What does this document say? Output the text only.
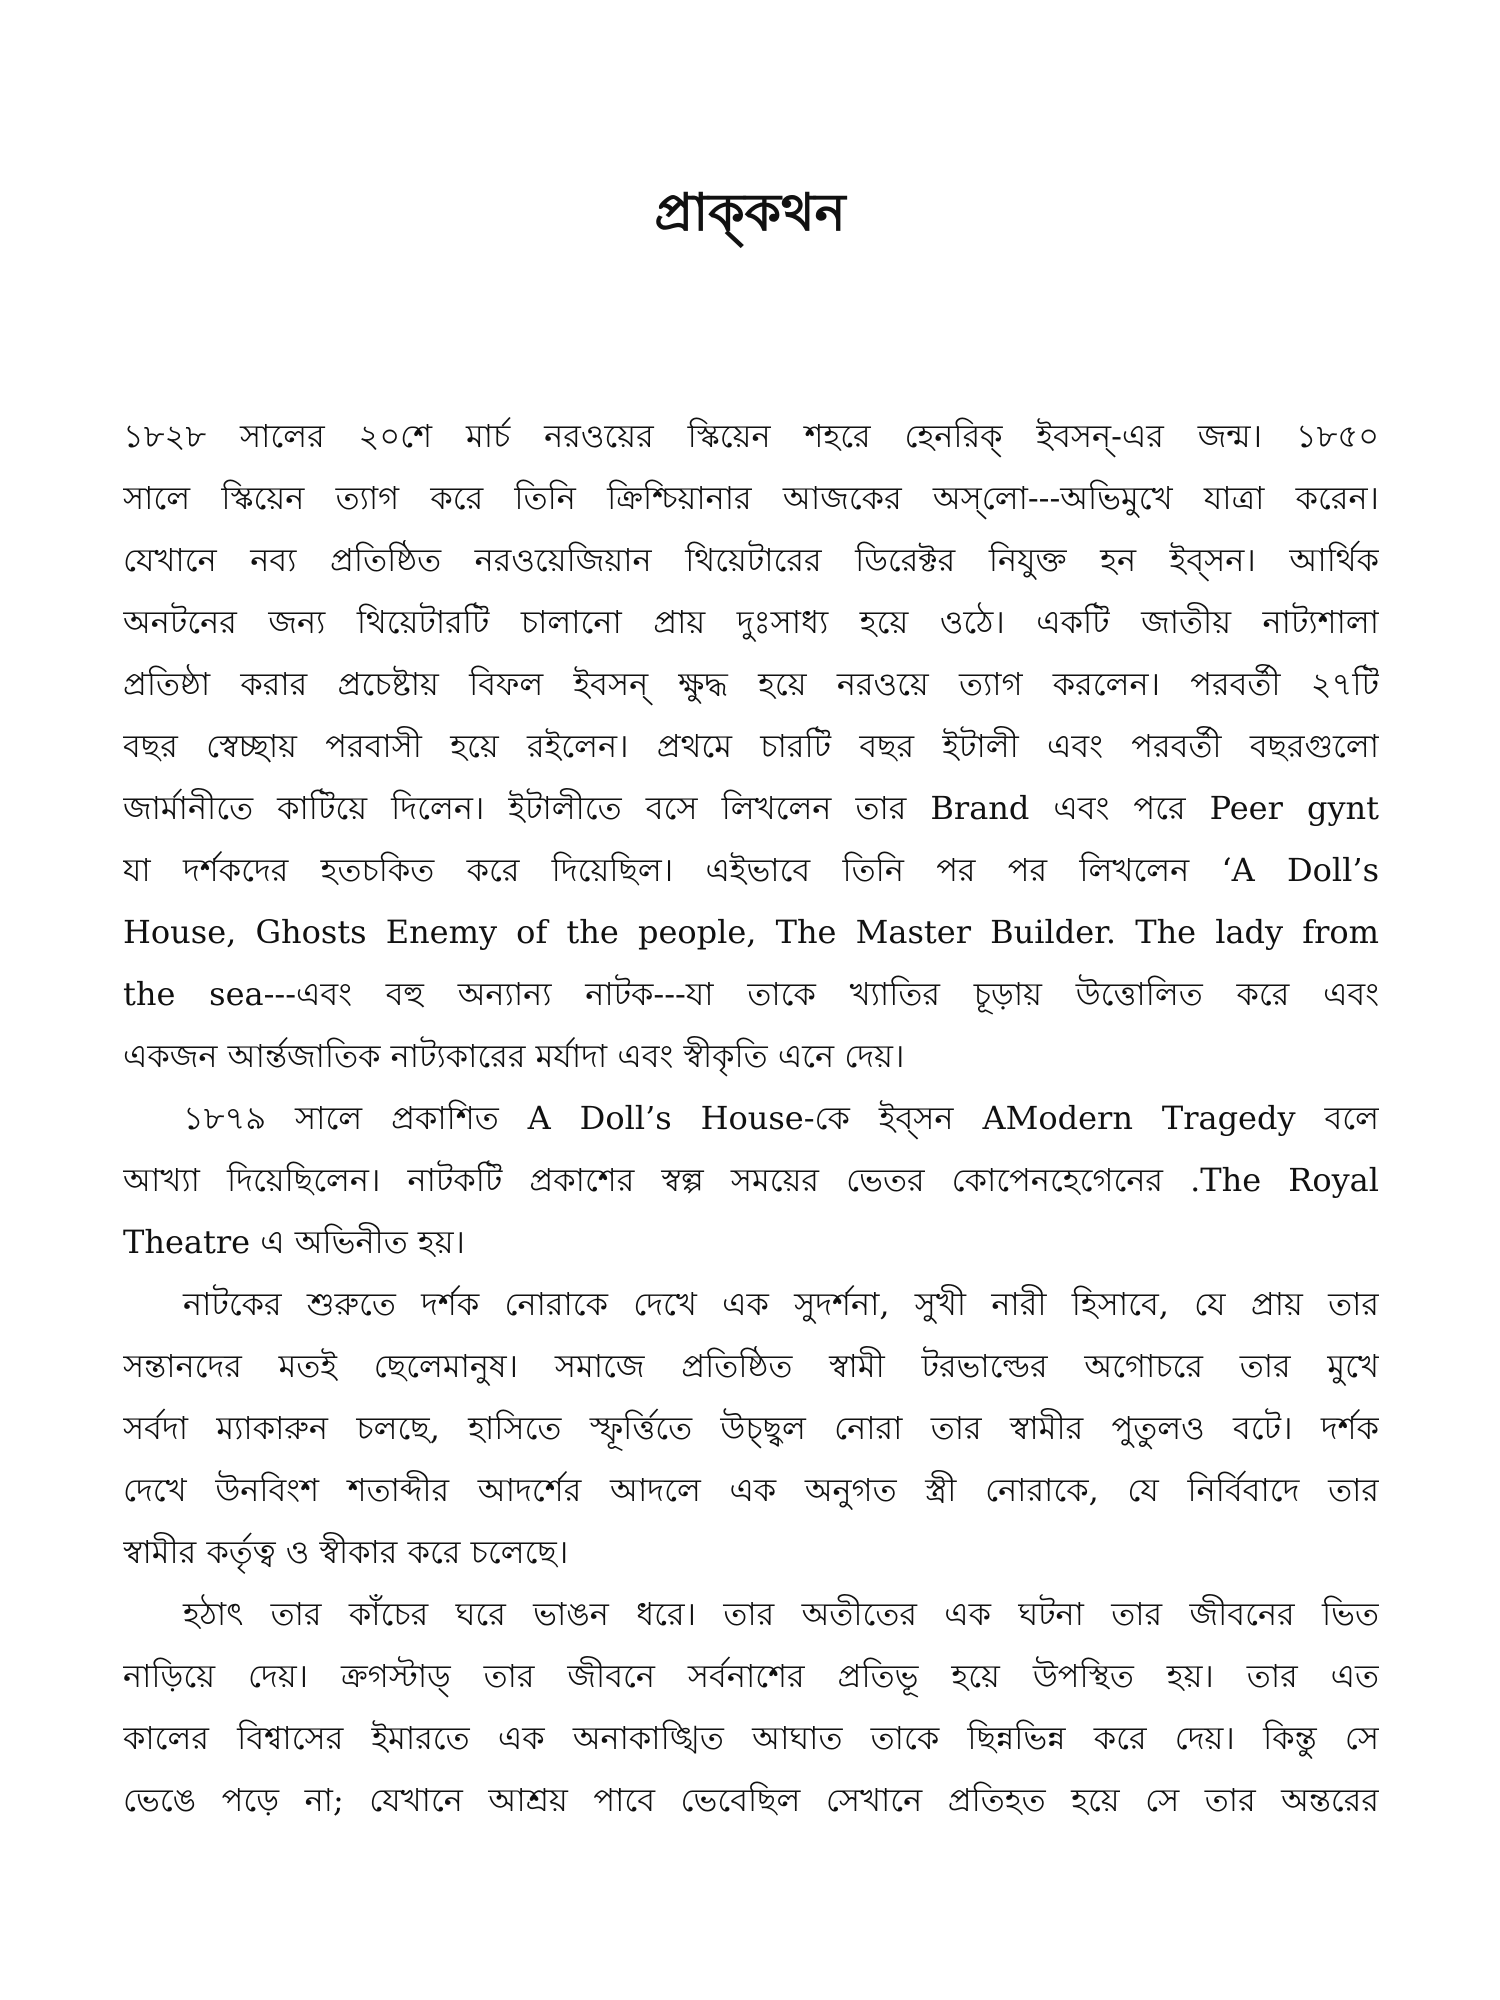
প্রাক্‌কথন
১৮২৮ সালের ২০শে মার্চ নরওয়ের স্কিয়েন শহরে হেনরিক্‌ ইবসন্‌-এর জন্ম। ১৮৫০
সালে স্কিয়েন ত্যাগ করে তিনি ক্রিশ্চিয়ানার আজকের অস্‌লো---অভিমুখে যাত্রা করেন।
যেখানে নব্য প্রতিষ্ঠিত নরওয়েজিয়ান থিয়েটারের ডিরেক্টর নিযুক্ত হন ইব্‌সন। আর্থিক
অনটনের জন্য থিয়েটারটি চালানো প্রায় দুঃসাধ্য হয়ে ওঠে। একটি জাতীয় নাট্যশালা
প্রতিষ্ঠা করার প্রচেষ্টায় বিফল ইবসন্‌ ক্ষুদ্ধ হয়ে নরওয়ে ত্যাগ করলেন। পরবর্তী ২৭টি
বছর স্বেচ্ছায় পরবাসী হয়ে রইলেন। প্রথমে চারটি বছর ইটালী এবং পরবর্তী বছরগুলো
জার্মানীতে কাটিয়ে দিলেন। ইটালীতে বসে লিখলেন তার Brand এবং পরে Peer gynt
যা দর্শকদের হতচকিত করে দিয়েছিল। এইভাবে তিনি পর পর লিখলেন ‘A Doll’s
House, Ghosts Enemy of the people, The Master Builder. The lady from
the sea---এবং বহু অন্যান্য নাটক---যা তাকে খ্যাতির চূড়ায় উত্তোলিত করে এবং
একজন আর্ন্তজাতিক নাট্যকারের মর্যাদা এবং স্বীকৃতি এনে দেয়।
১৮৭৯ সালে প্রকাশিত A Doll’s House-কে ইব্‌সন AModern Tragedy বলে
আখ্যা দিয়েছিলেন। নাটকটি প্রকাশের স্বল্প সময়ের ভেতর কোপেনহেগেনের .The Royal
Theatre এ অভিনীত হয়।
নাটকের শুরুতে দর্শক নোরাকে দেখে এক সুদর্শনা, সুখী নারী হিসাবে, যে প্রায় তার
সন্তানদের মতই ছেলেমানুষ। সমাজে প্রতিষ্ঠিত স্বামী টরভাল্ডের অগোচরে তার মুখে
সর্বদা ম্যাকারুন চলছে, হাসিতে স্ফূর্ত্তিতে উচ্ছ্বল নোরা তার স্বামীর পুতুলও বটে। দর্শক
দেখে উনবিংশ শতাব্দীর আদর্শের আদলে এক অনুগত স্ত্রী নোরাকে, যে নির্বিবাদে তার
স্বামীর কর্তৃত্ব ও স্বীকার করে চলেছে।
হঠাৎ তার কাঁচের ঘরে ভাঙন ধরে। তার অতীতের এক ঘটনা তার জীবনের ভিত
নাড়িয়ে দেয়। ক্রগস্টাড্‌ তার জীবনে সর্বনাশের প্রতিভূ হয়ে উপস্থিত হয়। তার এত
কালের বিশ্বাসের ইমারতে এক অনাকাঙ্খিত আঘাত তাকে ছিন্নভিন্ন করে দেয়। কিন্তু সে
ভেঙে পড়ে না; যেখানে আশ্রয় পাবে ভেবেছিল সেখানে প্রতিহত হয়ে সে তার অন্তরের
